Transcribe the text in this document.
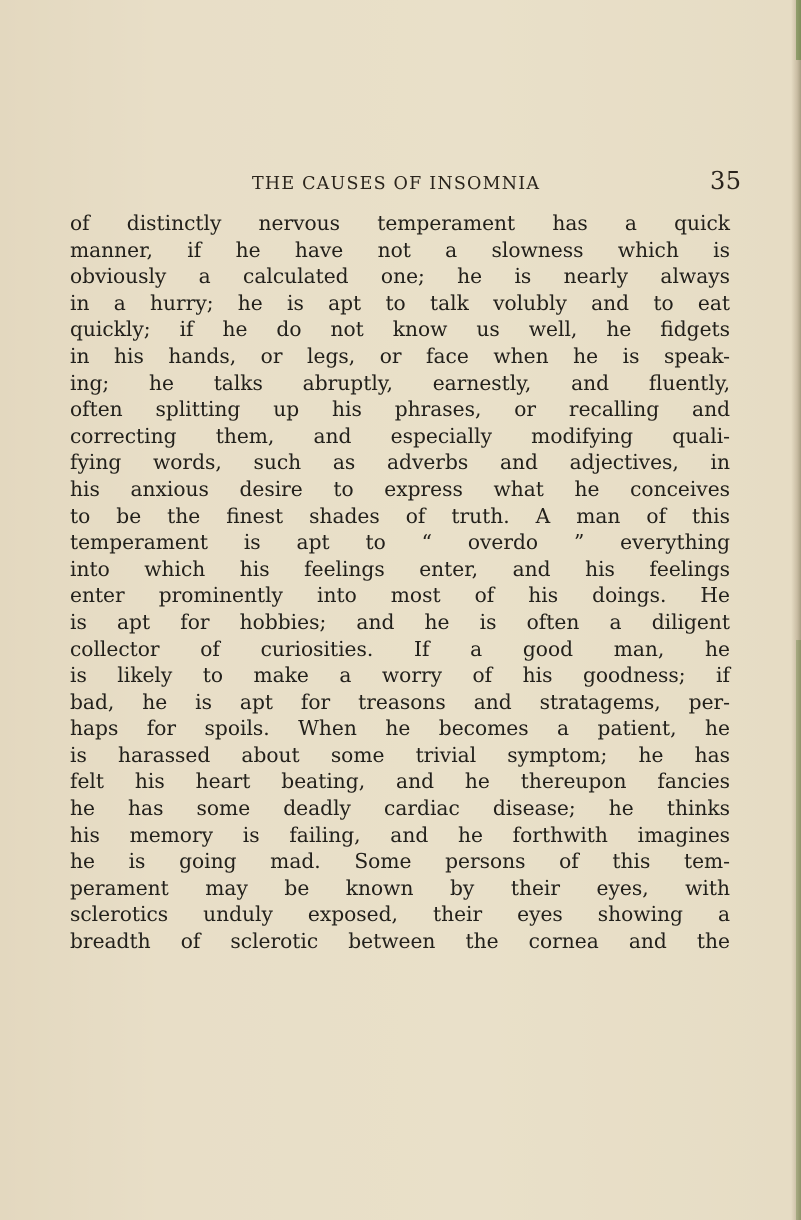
THE CAUSES OF INSOMNIA	35
of distinctly nervous temperament has a quick
manner, if he have not a slowness which is
obviously a calculated one; he is nearly always
in a hurry; he is apt to talk volubly and to eat
quickly; if he do not know us well, he fidgets
in his hands, or legs, or face when he is speak-
ing; he talks abruptly, earnestly, and fluently,
often splitting up his phrases, or recalling and
correcting them, and especially modifying quali-
fying words, such as adverbs and adjectives, in
his anxious desire to express what he conceives
to be the finest shades of truth. A man of this
temperament is apt to “ overdo ” everything
into which his feelings enter, and his feelings
enter prominently into most of his doings. He
is apt for hobbies; and he is often a diligent
collector of curiosities. If a good man, he
is likely to make a worry of his goodness; if
bad, he is apt for treasons and stratagems, per-
haps for spoils. When he becomes a patient, he
is harassed about some trivial symptom; he has
felt his heart beating, and he thereupon fancies
he has some deadly cardiac disease; he thinks
his memory is failing, and he forthwith imagines
he is going mad. Some persons of this tem-
perament may be known by their eyes, with
sclerotics unduly exposed, their eyes showing a
breadth of sclerotic between the cornea and the
